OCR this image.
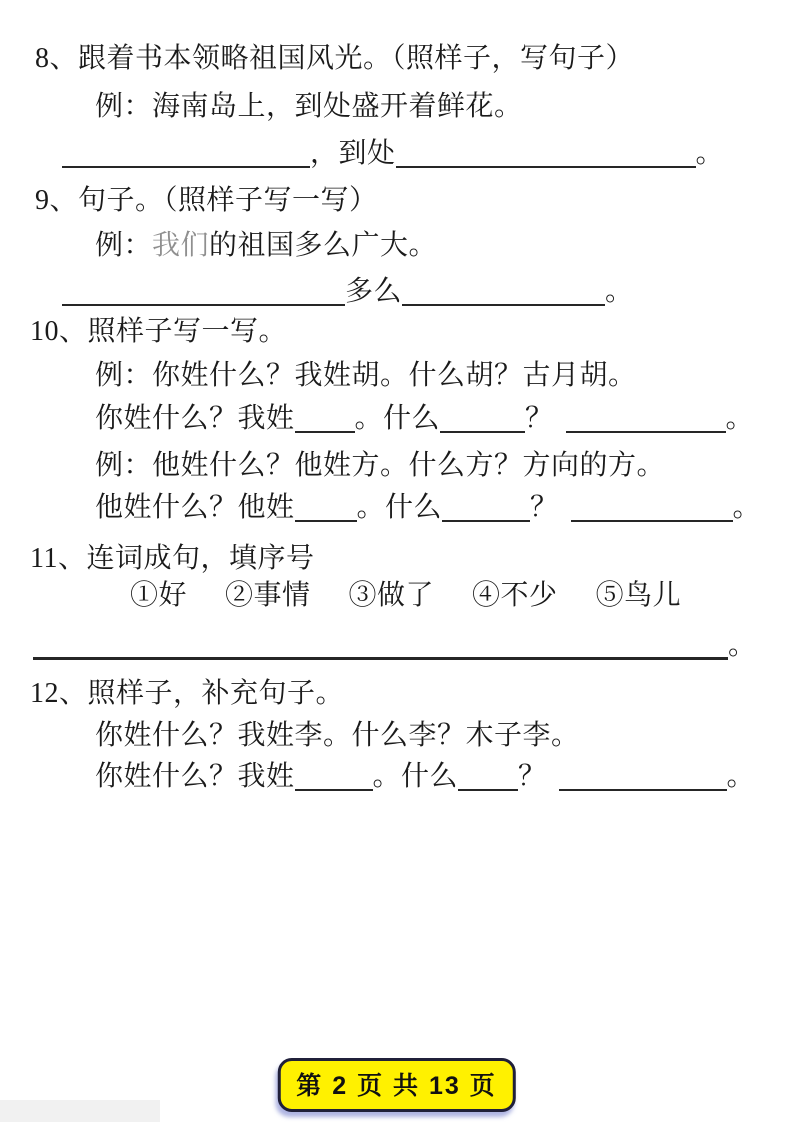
8、跟着书本领略祖国风光。（照样子，写句子）
例：海南岛上，到处盛开着鲜花。
，到处	。
9、句子。（照样子写一写）
例：我们的祖国多么广大。
多么	。
10、照样子写一写。
例：你姓什么？我姓胡。什么胡？古月胡。
你姓什么？我姓 。什么	？	。
例：他姓什么？他姓方。什么方？方向的方。
他姓什么？他姓 。什么	？	。
11、连词成句，填序号
①好 ②事情 ③做了 ④不少 ⑤鸟儿
。
12、照样子，补充句子。
你姓什么？我姓李。什么李？木子李。
你姓什么？我姓	。什么 ？	。
第 2 页 共 13 页
